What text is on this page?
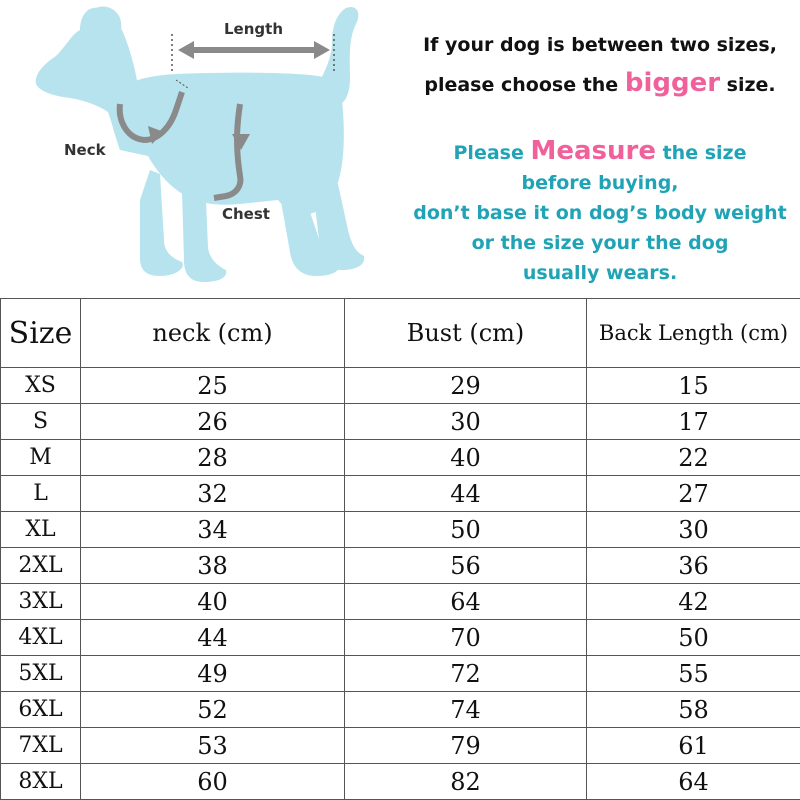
Length
Neck
Chest
If your dog is between two sizes,
please choose the bigger size.
Please Measure the size
before buying,
don’t base it on dog’s body weight
or the size your the dog
usually wears.
Size	neck (cm)	Bust (cm)	Back Length (cm)
XS	25	29	15
S	26	30	17
M	28	40	22
L	32	44	27
XL	34	50	30
2XL	38	56	36
3XL	40	64	42
4XL	44	70	50
5XL	49	72	55
6XL	52	74	58
7XL	53	79	61
8XL	60	82	64
